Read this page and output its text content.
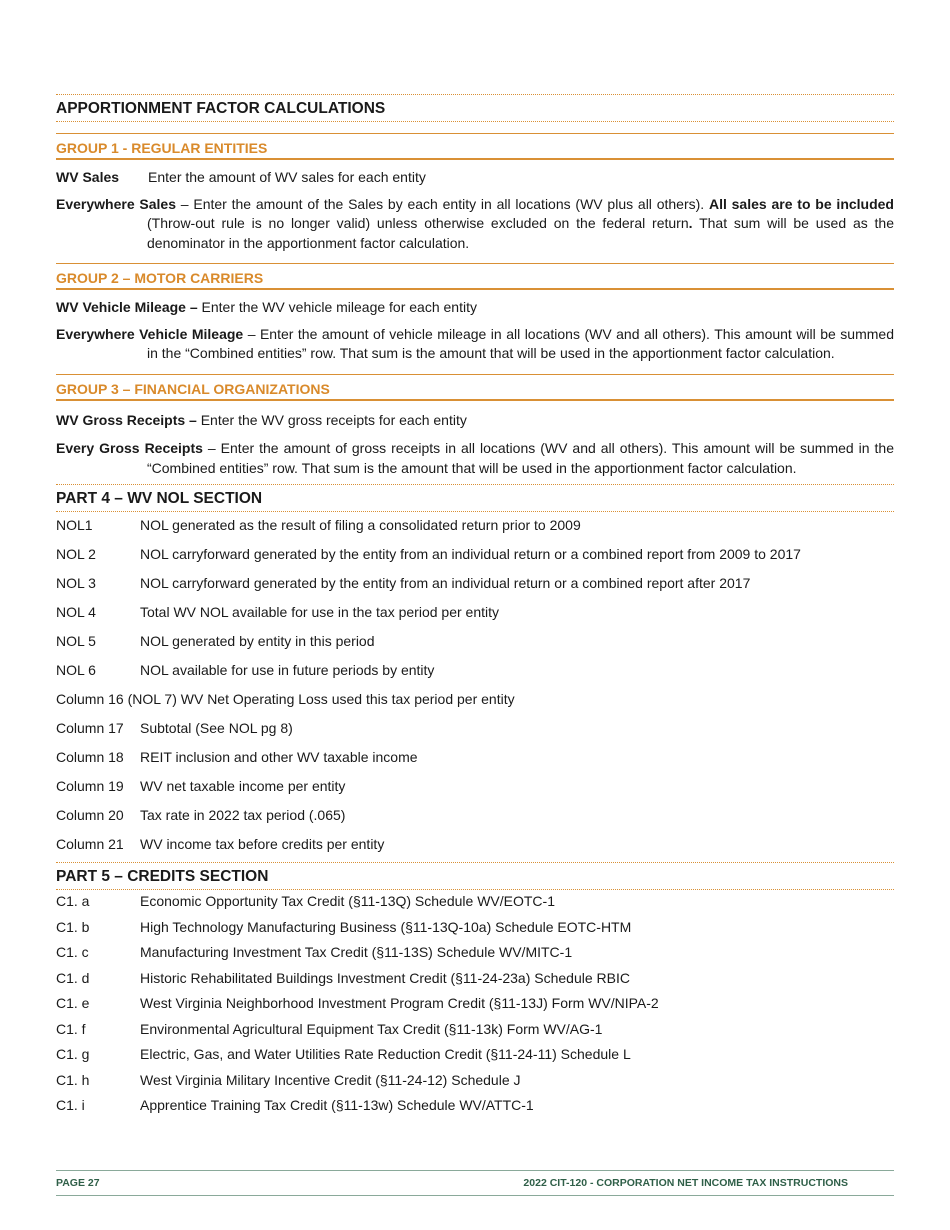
APPORTIONMENT FACTOR CALCULATIONS
GROUP 1 - REGULAR ENTITIES
WV Sales Enter the amount of WV sales for each entity
Everywhere Sales – Enter the amount of the Sales by each entity in all locations (WV plus all others). All sales are to be included (Throw-out rule is no longer valid) unless otherwise excluded on the federal return. That sum will be used as the denominator in the apportionment factor calculation.
GROUP 2 – MOTOR CARRIERS
WV Vehicle Mileage – Enter the WV vehicle mileage for each entity
Everywhere Vehicle Mileage – Enter the amount of vehicle mileage in all locations (WV and all others). This amount will be summed in the “Combined entities” row. That sum is the amount that will be used in the apportionment factor calculation.
GROUP 3 – FINANCIAL ORGANIZATIONS
WV Gross Receipts – Enter the WV gross receipts for each entity
Every Gross Receipts – Enter the amount of gross receipts in all locations (WV and all others). This amount will be summed in the “Combined entities” row. That sum is the amount that will be used in the apportionment factor calculation.
PART 4 – WV NOL SECTION
NOL1	NOL generated as the result of filing a consolidated return prior to 2009
NOL 2	NOL carryforward generated by the entity from an individual return or a combined report from 2009 to 2017
NOL 3	NOL carryforward generated by the entity from an individual return or a combined report after 2017
NOL 4	Total WV NOL available for use in the tax period per entity
NOL 5	NOL generated by entity in this period
NOL 6	NOL available for use in future periods by entity
Column 16 (NOL 7) WV Net Operating Loss used this tax period per entity
Column 17	Subtotal (See NOL pg 8)
Column 18	REIT inclusion and other WV taxable income
Column 19	WV net taxable income per entity
Column 20	Tax rate in 2022 tax period (.065)
Column 21	WV income tax before credits per entity
PART 5 – CREDITS SECTION
C1. a	Economic Opportunity Tax Credit (§11-13Q) Schedule WV/EOTC-1
C1. b	High Technology Manufacturing Business (§11-13Q-10a) Schedule EOTC-HTM
C1. c	Manufacturing Investment Tax Credit (§11-13S) Schedule WV/MITC-1
C1. d	Historic Rehabilitated Buildings Investment Credit (§11-24-23a) Schedule RBIC
C1. e	West Virginia Neighborhood Investment Program Credit (§11-13J) Form WV/NIPA-2
C1. f	Environmental Agricultural Equipment Tax Credit (§11-13k) Form WV/AG-1
C1. g	Electric, Gas, and Water Utilities Rate Reduction Credit (§11-24-11) Schedule L
C1. h	West Virginia Military Incentive Credit (§11-24-12) Schedule J
C1. i	Apprentice Training Tax Credit (§11-13w) Schedule WV/ATTC-1
PAGE 27	2022 CIT-120 - CORPORATION NET INCOME TAX INSTRUCTIONS
